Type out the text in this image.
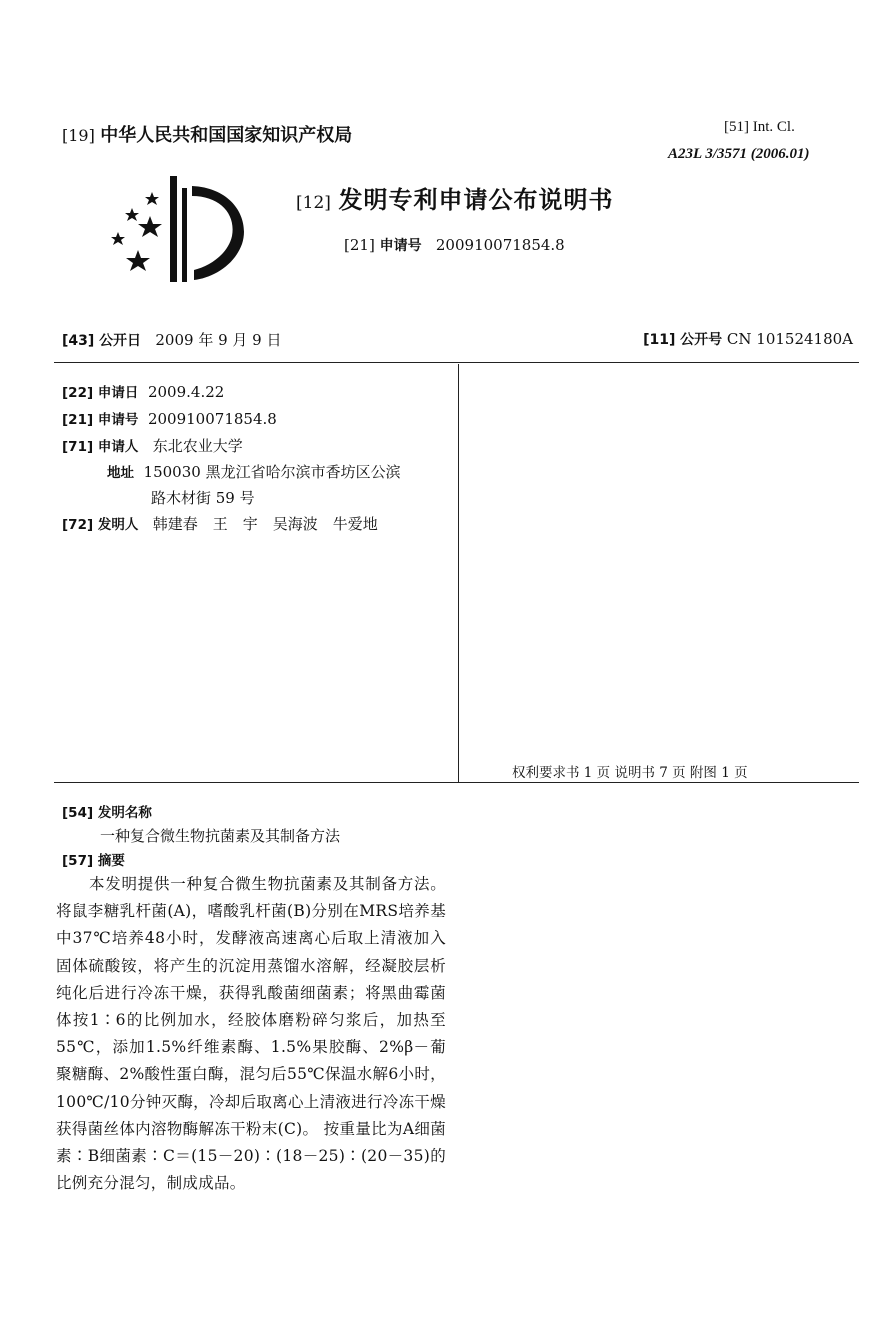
[19] 中华人民共和国国家知识产权局	[51] Int. Cl.
A23L 3/3571 (2006.01)
[12] 发明专利申请公布说明书
[21] 申请号 200910071854.8
[43] 公开日 2009 年 9 月 9 日	[11] 公开号 CN 101524180A
[22] 申请日 2009.4.22
[21] 申请号 200910071854.8
[71] 申请人 东北农业大学
地址 150030 黑龙江省哈尔滨市香坊区公滨
路木材街 59 号
[72] 发明人 韩建春　王　宇　吴海波　牛爱地
权利要求书 1 页 说明书 7 页 附图 1 页
[54] 发明名称
一种复合微生物抗菌素及其制备方法
[57] 摘要

本发明提供一种复合微生物抗菌素及其制备方法。 将鼠李糖乳杆菌(A)，嗜酸乳杆菌(B)分别在MRS培养基中37℃培养48小时，发酵液高速离心后取上清液加入固体硫酸铵，将产生的沉淀用蒸馏水溶解，经凝胶层析纯化后进行冷冻干燥，获得乳酸菌细菌素；将黑曲霉菌体按1∶6的比例加水，经胶体磨粉碎匀浆后，加热至55℃，添加1.5%纤维素酶、1.5%果胶酶、2%β－葡聚糖酶、2%酸性蛋白酶，混匀后55℃保温水解6小时，100℃/10分钟灭酶，冷却后取离心上清液进行冷冻干燥获得菌丝体内溶物酶解冻干粉末(C)。 按重量比为A细菌素∶B细菌素∶C＝(15－20)∶(18－25)∶(20－35)的比例充分混匀，制成成品。
